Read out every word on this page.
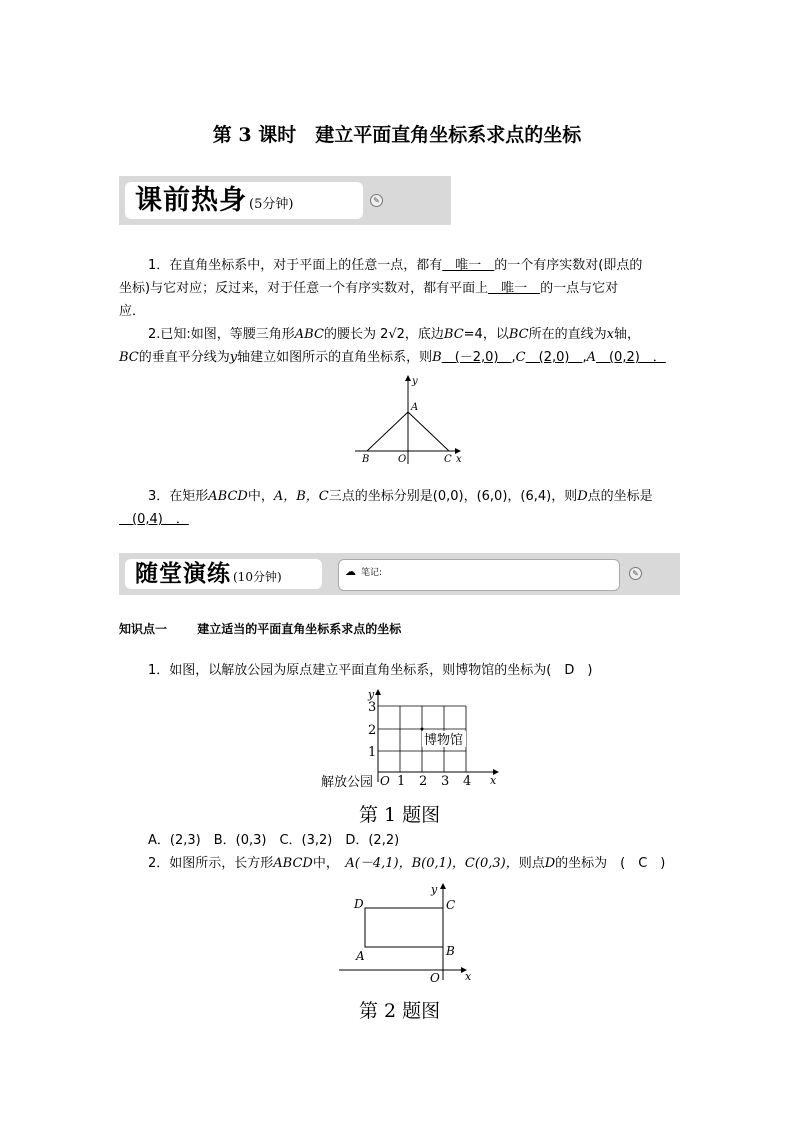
第 3 课时　建立平面直角坐标系求点的坐标
课前热身 (5分钟)	✎
1．在直角坐标系中，对于平面上的任意一点，都有　唯一　的一个有序实数对(即点的
坐标)与它对应；反过来，对于任意一个有序实数对，都有平面上　唯一　的一点与它对
应．
2.已知:如图，等腰三角形ABC的腰长为 2√2，底边BC=4，以BC所在的直线为x轴，
BC的垂直平分线为y轴建立如图所示的直角坐标系，则B　(－2,0)　,C　(2,0)　,A　(0,2)　．
A
B	O	C x
y
3．在矩形ABCD中，A，B，C三点的坐标分别是(0,0)，(6,0)，(6,4)，则D点的坐标是
　(0,4)　．
随堂演练 (10分钟)	☁ 笔记:	✎
知识点一	建立适当的平面直角坐标系求点的坐标
1．如图，以解放公园为原点建立平面直角坐标系，则博物馆的坐标为(　D　)
y
x
O 1 2 3 4
3
2
1
博物馆
解放公园
第 1 题图
A．(2,3)　B．(0,3)　C．(3,2)　D．(2,2)
2．如图所示，长方形ABCD中，　A(－4,1)，B(0,1)，C(0,3)，则点D的坐标为　(　C　)
D	C
A	B
O x
y
第 2 题图
